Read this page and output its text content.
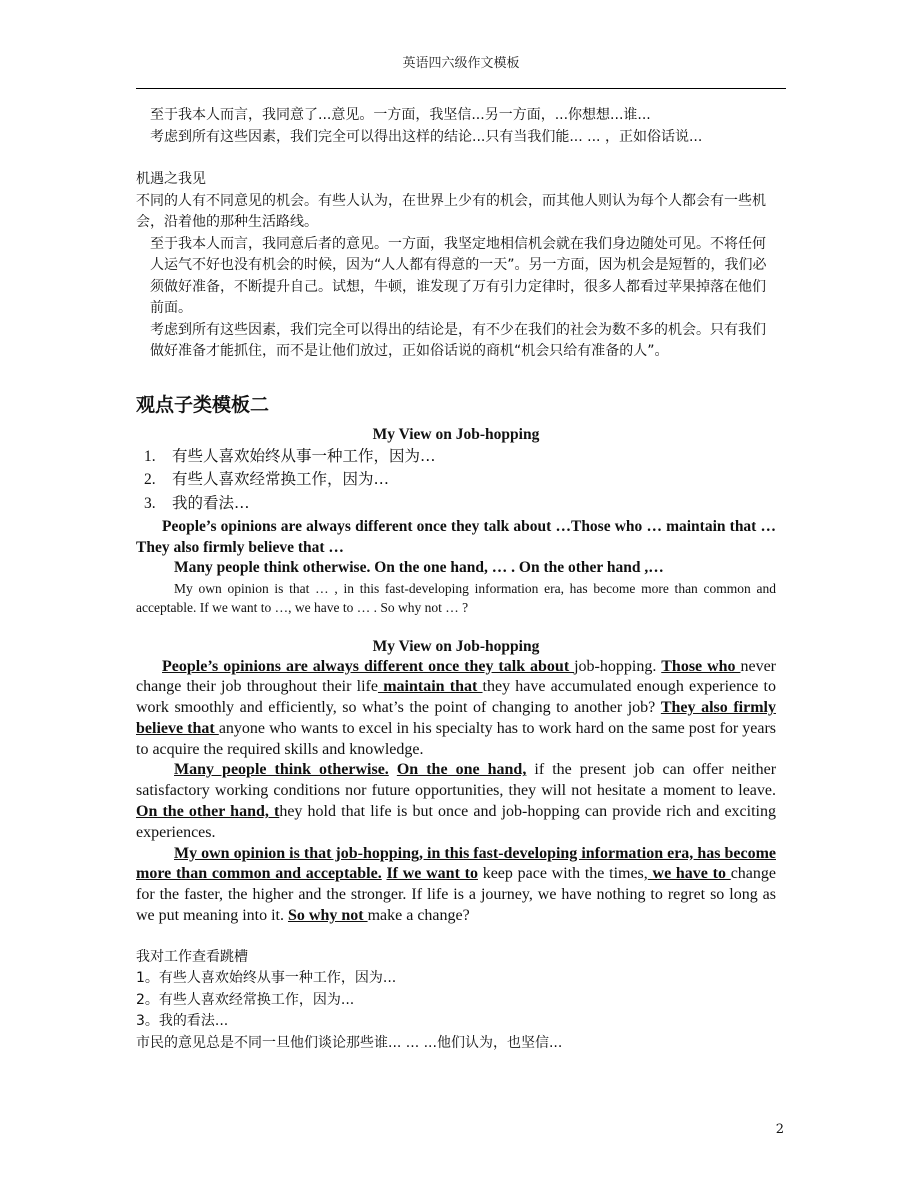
英语四六级作文模板

至于我本人而言，我同意了...意见。一方面，我坚信...另一方面，...你想想...谁...

考虑到所有这些因素，我们完全可以得出这样的结论...只有当我们能... ... ，正如俗话说...

机遇之我见

不同的人有不同意见的机会。有些人认为，在世界上少有的机会，而其他人则认为每个人都会有一些机会，沿着他的那种生活路线。

至于我本人而言，我同意后者的意见。一方面，我坚定地相信机会就在我们身边随处可见。不将任何人运气不好也没有机会的时候，因为“人人都有得意的一天”。另一方面，因为机会是短暂的，我们必须做好准备，不断提升自己。试想，牛顿，谁发现了万有引力定律时，很多人都看过苹果掉落在他们前面。

考虑到所有这些因素，我们完全可以得出的结论是，有不少在我们的社会为数不多的机会。只有我们做好准备才能抓住，而不是让他们放过，正如俗话说的商机“机会只给有准备的人”。

观点子类模板二

My View on Job-hopping

1. 有些人喜欢始终从事一种工作，因为…
2. 有些人喜欢经常换工作，因为…
3. 我的看法…

People’s opinions are always different once they talk about …Those who … maintain that … They also firmly believe that …

Many people think otherwise. On the one hand, … . On the other hand ,…

My own opinion is that … , in this fast-developing information era, has become more than common and acceptable. If we want to …, we have to … . So why not … ?

My View on Job-hopping

People’s opinions are always different once they talk about job-hopping. Those who never change their job throughout their life maintain that they have accumulated enough experience to work smoothly and efficiently, so what’s the point of changing to another job? They also firmly believe that anyone who wants to excel in his specialty has to work hard on the same post for years to acquire the required skills and knowledge.

Many people think otherwise. On the one hand, if the present job can offer neither satisfactory working conditions nor future opportunities, they will not hesitate a moment to leave. On the other hand, they hold that life is but once and job-hopping can provide rich and exciting experiences.

My own opinion is that job-hopping, in this fast-developing information era, has become more than common and acceptable. If we want to keep pace with the times, we have to change for the faster, the higher and the stronger. If life is a journey, we have nothing to regret so long as we put meaning into it. So why not make a change?

我对工作查看跳槽

1。有些人喜欢始终从事一种工作，因为...

2。有些人喜欢经常换工作，因为...

3。我的看法...

市民的意见总是不同一旦他们谈论那些谁... ... ...他们认为，也坚信...

2
